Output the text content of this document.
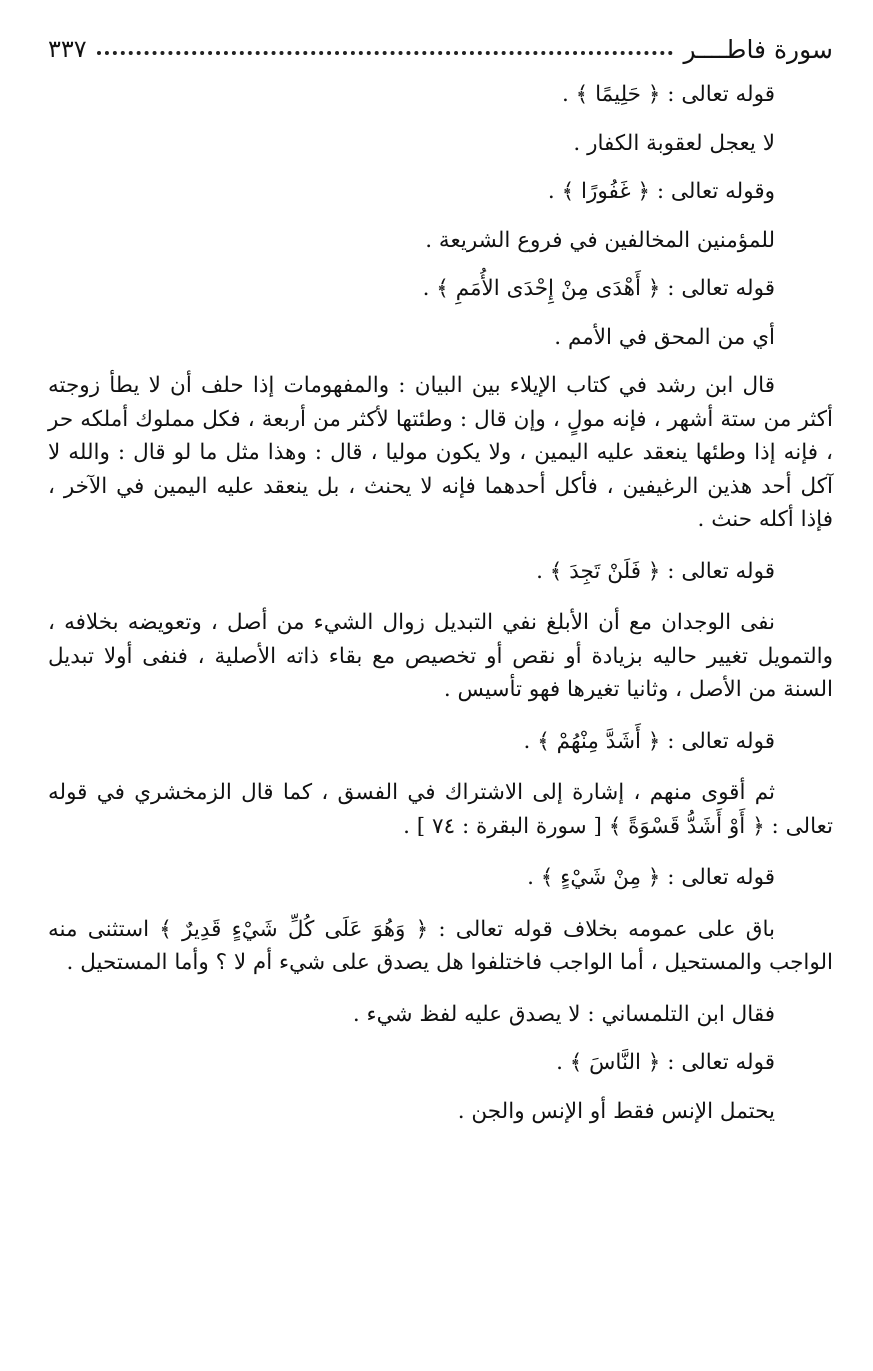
سورة فاطــــر
٣٣٧

قوله تعالى : ﴿ حَلِيمًا ﴾ .

لا يعجل لعقوبة الكفار .

وقوله تعالى : ﴿ غَفُورًا ﴾ .

للمؤمنين المخالفين في فروع الشريعة .

قوله تعالى : ﴿ أَهْدَى مِنْ إِحْدَى الأُمَمِ ﴾ .

أي من المحق في الأمم .

قال ابن رشد في كتاب الإيلاء بين البيان : والمفهومات إذا حلف أن لا يطأ زوجته أكثر من ستة أشهر ، فإنه مولٍ ، وإن قال : وطئتها لأكثر من أربعة ، فكل مملوك أملكه حر ، فإنه إذا وطئها ينعقد عليه اليمين ، ولا يكون موليا ، قال : وهذا مثل ما لو قال : والله لا آكل أحد هذين الرغيفين ، فأكل أحدهما فإنه لا يحنث ، بل ينعقد عليه اليمين في الآخر ، فإذا أكله حنث .

قوله تعالى : ﴿ فَلَنْ تَجِدَ ﴾ .

نفى الوجدان مع أن الأبلغ نفي التبديل زوال الشيء من أصل ، وتعويضه بخلافه ، والتمويل تغيير حاليه بزيادة أو نقص أو تخصيص مع بقاء ذاته الأصلية ، فنفى أولا تبديل السنة من الأصل ، وثانيا تغيرها فهو تأسيس .

قوله تعالى : ﴿ أَشَدَّ مِنْهُمْ ﴾ .

ثم أقوى منهم ، إشارة إلى الاشتراك في الفسق ، كما قال الزمخشري في قوله تعالى : ﴿ أَوْ أَشَدُّ قَسْوَةً ﴾ [ سورة البقرة : ٧٤ ] .

قوله تعالى : ﴿ مِنْ شَيْءٍ ﴾ .

باق على عمومه بخلاف قوله تعالى : ﴿ وَهُوَ عَلَى كُلِّ شَيْءٍ قَدِيرٌ ﴾ استثنى منه الواجب والمستحيل ، أما الواجب فاختلفوا هل يصدق على شيء أم لا ؟ وأما المستحيل .

فقال ابن التلمساني : لا يصدق عليه لفظ شيء .

قوله تعالى : ﴿ النَّاسَ ﴾ .

يحتمل الإنس فقط أو الإنس والجن .
